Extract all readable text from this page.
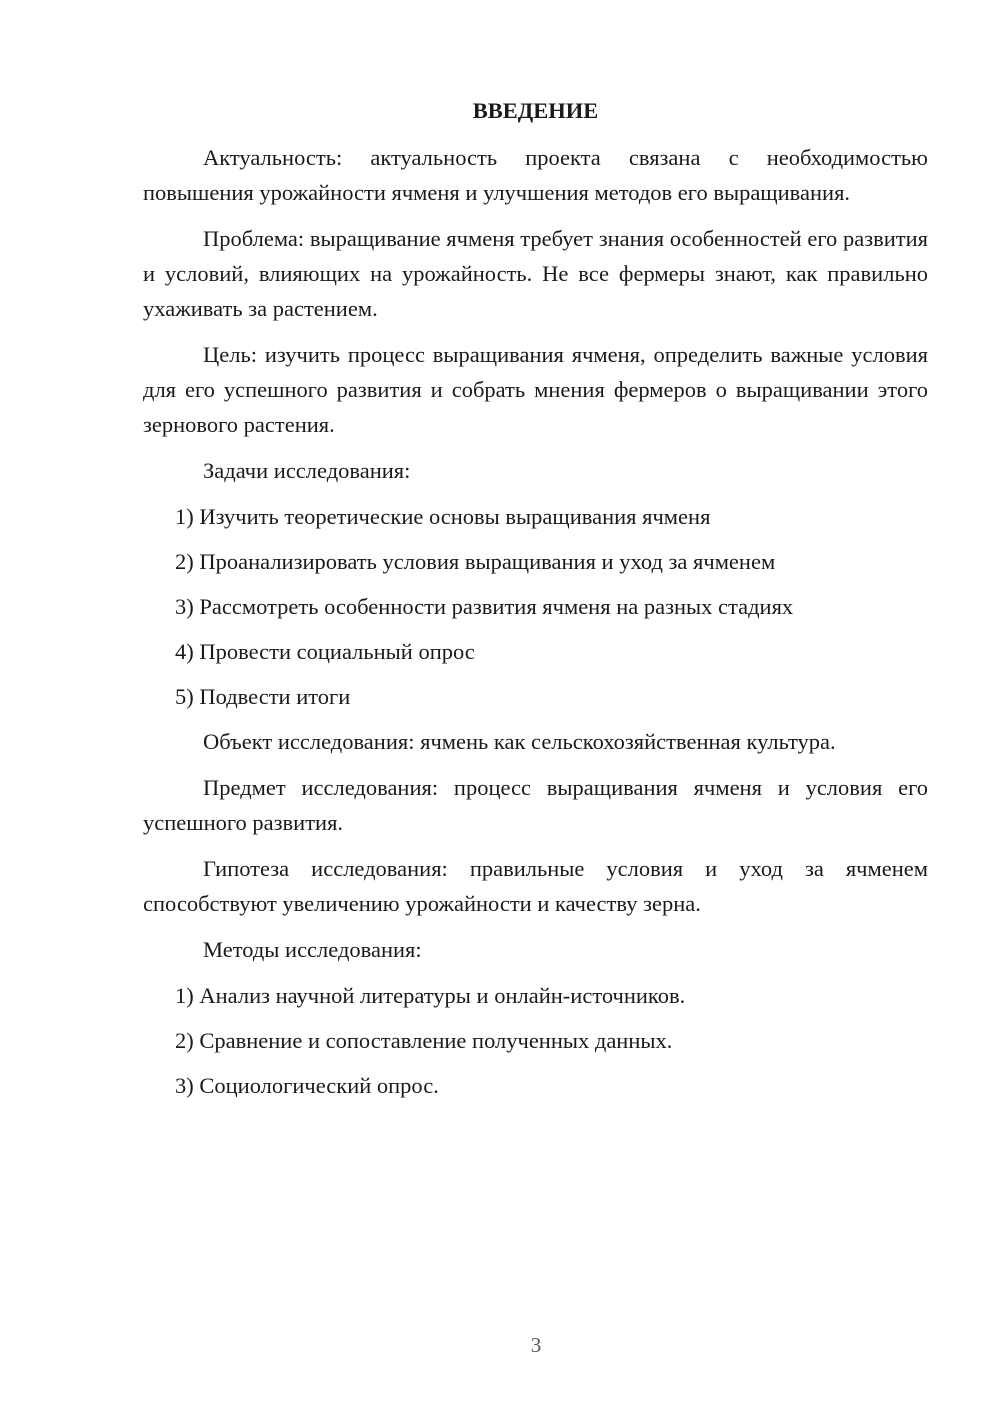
ВВЕДЕНИЕ

Актуальность: актуальность проекта связана с необходимостью повышения урожайности ячменя и улучшения методов его выращивания.

Проблема: выращивание ячменя требует знания особенностей его развития и условий, влияющих на урожайность. Не все фермеры знают, как правильно ухаживать за растением.

Цель: изучить процесс выращивания ячменя, определить важные условия для его успешного развития и собрать мнения фермеров о выращивании этого зернового растения.

Задачи исследования:

1) Изучить теоретические основы выращивания ячменя

2) Проанализировать условия выращивания и уход за ячменем

3) Рассмотреть особенности развития ячменя на разных стадиях

4) Провести социальный опрос

5) Подвести итоги

Объект исследования: ячмень как сельскохозяйственная культура.

Предмет исследования: процесс выращивания ячменя и условия его успешного развития.

Гипотеза исследования: правильные условия и уход за ячменем способствуют увеличению урожайности и качеству зерна.

Методы исследования:

1) Анализ научной литературы и онлайн-источников.

2) Сравнение и сопоставление полученных данных.

3) Социологический опрос.

3
